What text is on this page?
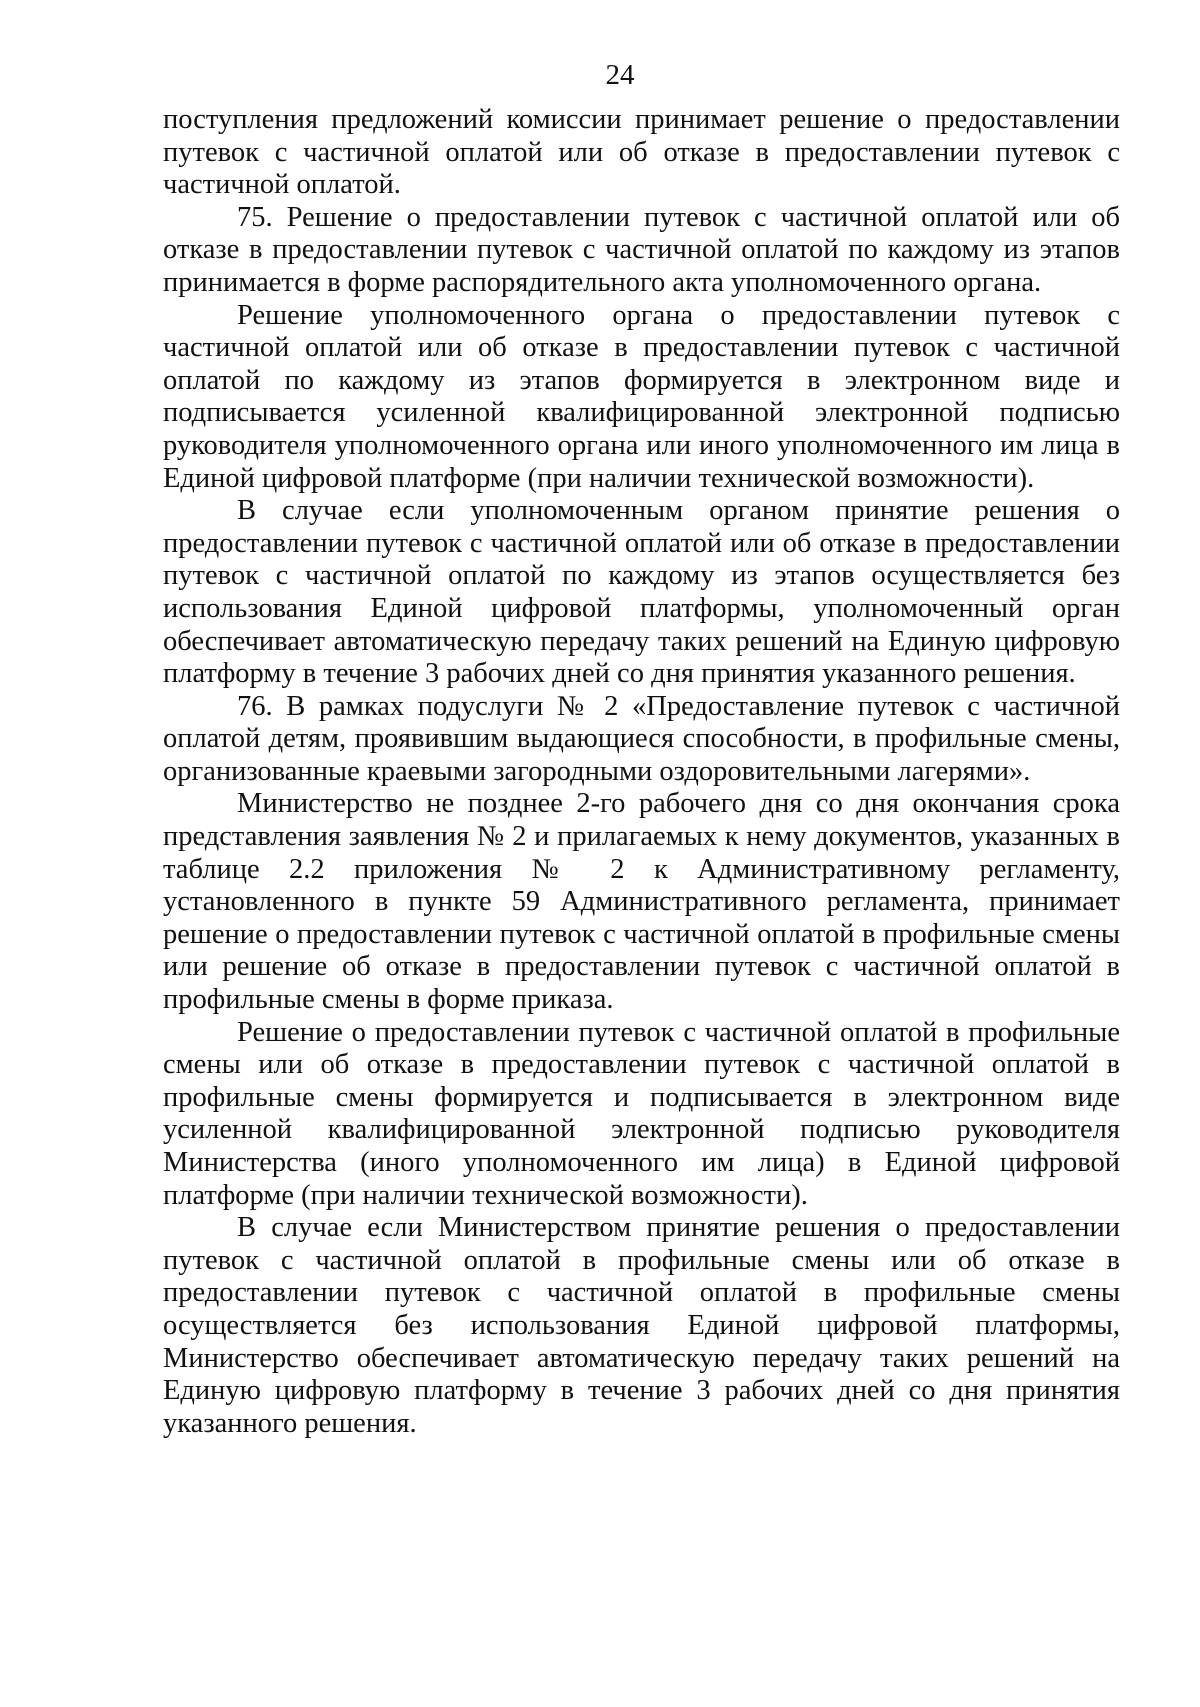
24

поступления предложений комиссии принимает решение о предоставлении путевок с частичной оплатой или об отказе в предоставлении путевок с частичной оплатой.

75. Решение о предоставлении путевок с частичной оплатой или об отказе в предоставлении путевок с частичной оплатой по каждому из этапов принимается в форме распорядительного акта уполномоченного органа.

Решение уполномоченного органа о предоставлении путевок с частичной оплатой или об отказе в предоставлении путевок с частичной оплатой по каждому из этапов формируется в электронном виде и подписывается усиленной квалифицированной электронной подписью руководителя уполномоченного органа или иного уполномоченного им лица в Единой цифровой платформе (при наличии технической возможности).

В случае если уполномоченным органом принятие решения о предоставлении путевок с частичной оплатой или об отказе в предоставлении путевок с частичной оплатой по каждому из этапов осуществляется без использования Единой цифровой платформы, уполномоченный орган обеспечивает автоматическую передачу таких решений на Единую цифровую платформу в течение 3 рабочих дней со дня принятия указанного решения.

76. В рамках подуслуги № 2 «Предоставление путевок с частичной оплатой детям, проявившим выдающиеся способности, в профильные смены, организованные краевыми загородными оздоровительными лагерями».

Министерство не позднее 2-го рабочего дня со дня окончания срока представления заявления № 2 и прилагаемых к нему документов, указанных в таблице 2.2 приложения № 2 к Административному регламенту, установленного в пункте 59 Административного регламента, принимает решение о предоставлении путевок с частичной оплатой в профильные смены или решение об отказе в предоставлении путевок с частичной оплатой в профильные смены в форме приказа.

Решение о предоставлении путевок с частичной оплатой в профильные смены или об отказе в предоставлении путевок с частичной оплатой в профильные смены формируется и подписывается в электронном виде усиленной квалифицированной электронной подписью руководителя Министерства (иного уполномоченного им лица) в Единой цифровой платформе (при наличии технической возможности).

В случае если Министерством принятие решения о предоставлении путевок с частичной оплатой в профильные смены или об отказе в предоставлении путевок с частичной оплатой в профильные смены осуществляется без использования Единой цифровой платформы, Министерство обеспечивает автоматическую передачу таких решений на Единую цифровую платформу в течение 3 рабочих дней со дня принятия указанного решения.
